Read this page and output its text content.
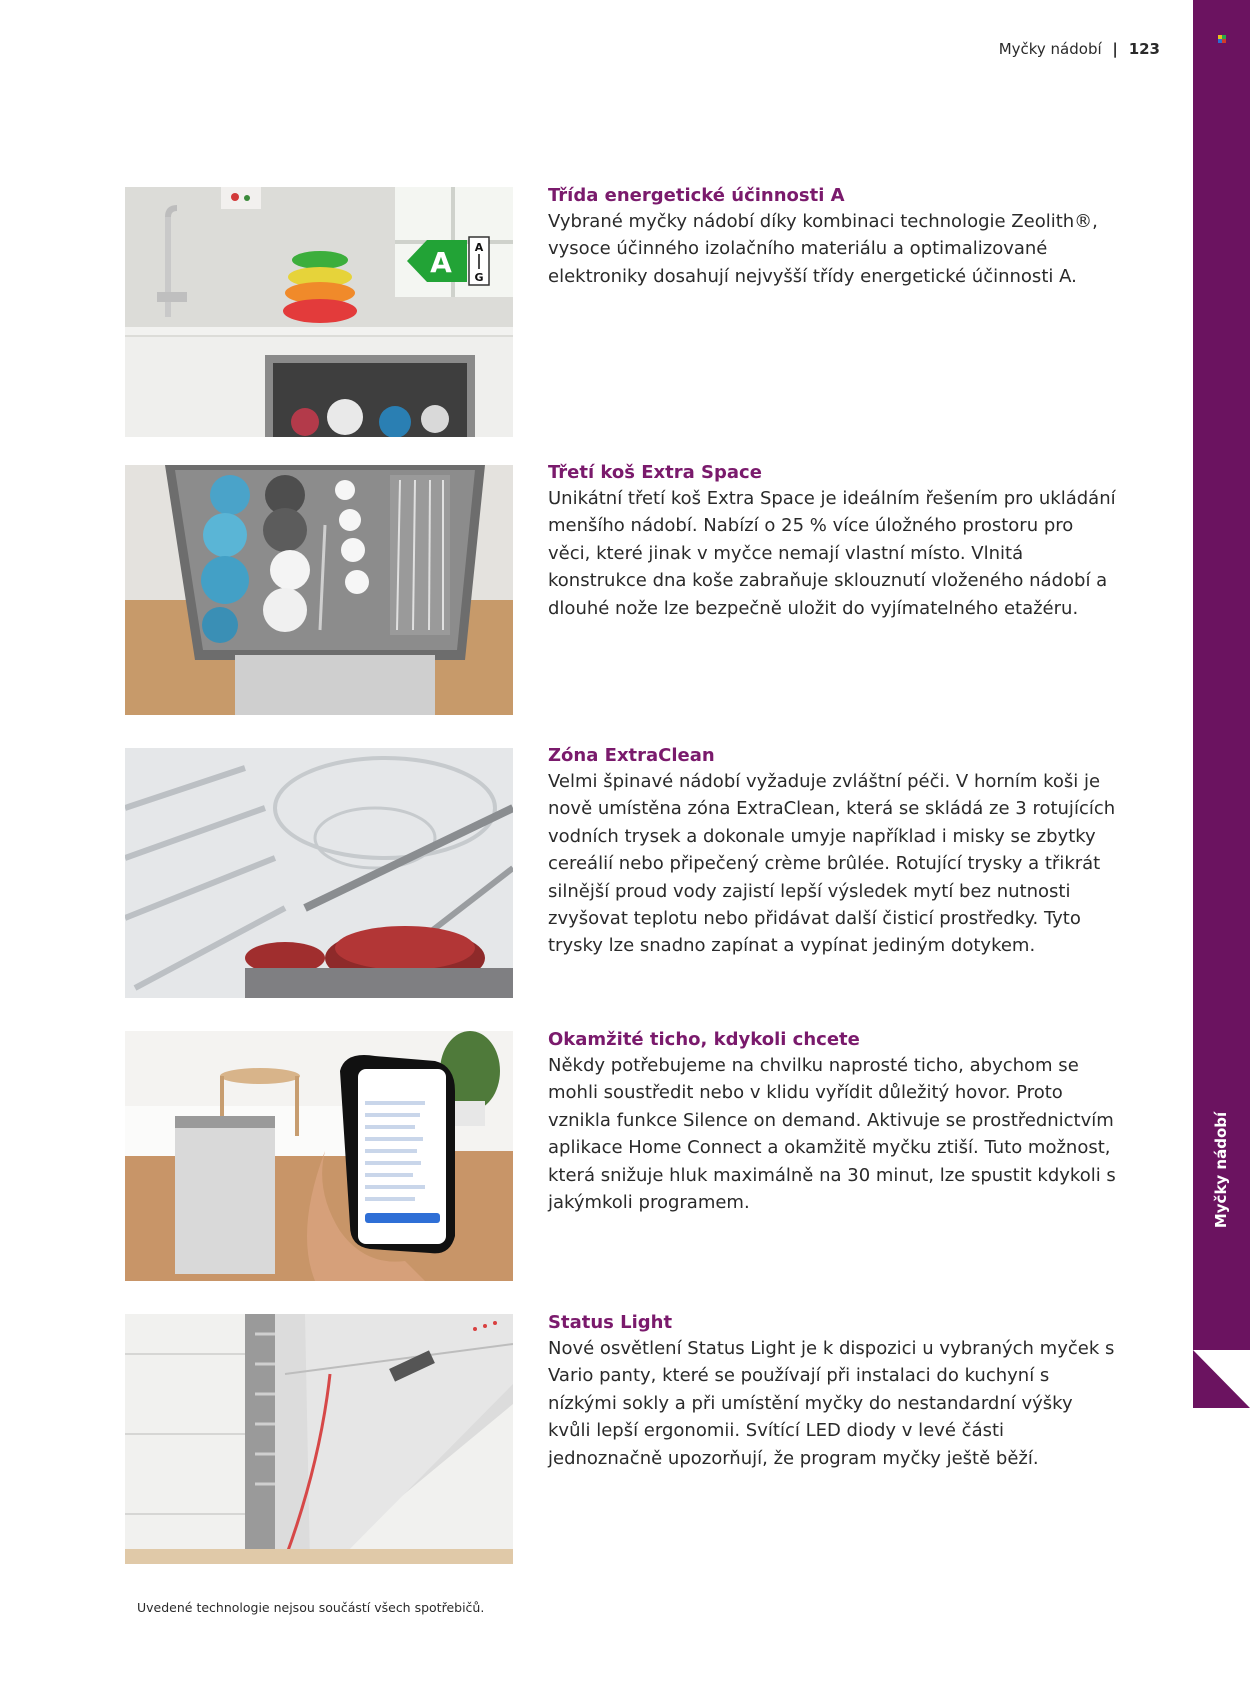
Myčky nádobí | 123
Myčky nádobí
A A
G
Třída energetické účinnosti A

Vybrané myčky nádobí díky kombinaci technologie Zeolith®, vysoce účinného izolačního materiálu a optimalizované elektroniky dosahují nejvyšší třídy energetické účinnosti A.

Třetí koš Extra Space

Unikátní třetí koš Extra Space je ideálním řešením pro ukládání menšího nádobí. Nabízí o 25 % více úložného prostoru pro věci, které jinak v myčce nemají vlastní místo. Vlnitá konstrukce dna koše zabraňuje sklouznutí vloženého nádobí a dlouhé nože lze bezpečně uložit do vyjímatelného etažéru.

Zóna ExtraClean

Velmi špinavé nádobí vyžaduje zvláštní péči. V horním koši je nově umístěna zóna ExtraClean, která se skládá ze 3 rotujících vodních trysek a dokonale umyje například i misky se zbytky cereálií nebo připečený crème brûlée. Rotující trysky a třikrát silnější proud vody zajistí lepší výsledek mytí bez nutnosti zvyšovat teplotu nebo přidávat další čisticí prostředky. Tyto trysky lze snadno zapínat a vypínat jediným dotykem.

Okamžité ticho, kdykoli chcete

Někdy potřebujeme na chvilku naprosté ticho, abychom se mohli soustředit nebo v klidu vyřídit důležitý hovor. Proto vznikla funkce Silence on demand. Aktivuje se prostřednictvím aplikace Home Connect a okamžitě myčku ztiší. Tuto možnost, která snižuje hluk maximálně na 30 minut, lze spustit kdykoli s jakýmkoli programem.

Status Light

Nové osvětlení Status Light je k dispozici u vybraných myček s Vario panty, které se používají při instalaci do kuchyní s nízkými sokly a při umístění myčky do nestandardní výšky kvůli lepší ergonomii. Svítící LED diody v levé části jednoznačně upozorňují, že program myčky ještě běží.

Uvedené technologie nejsou součástí všech spotřebičů.
